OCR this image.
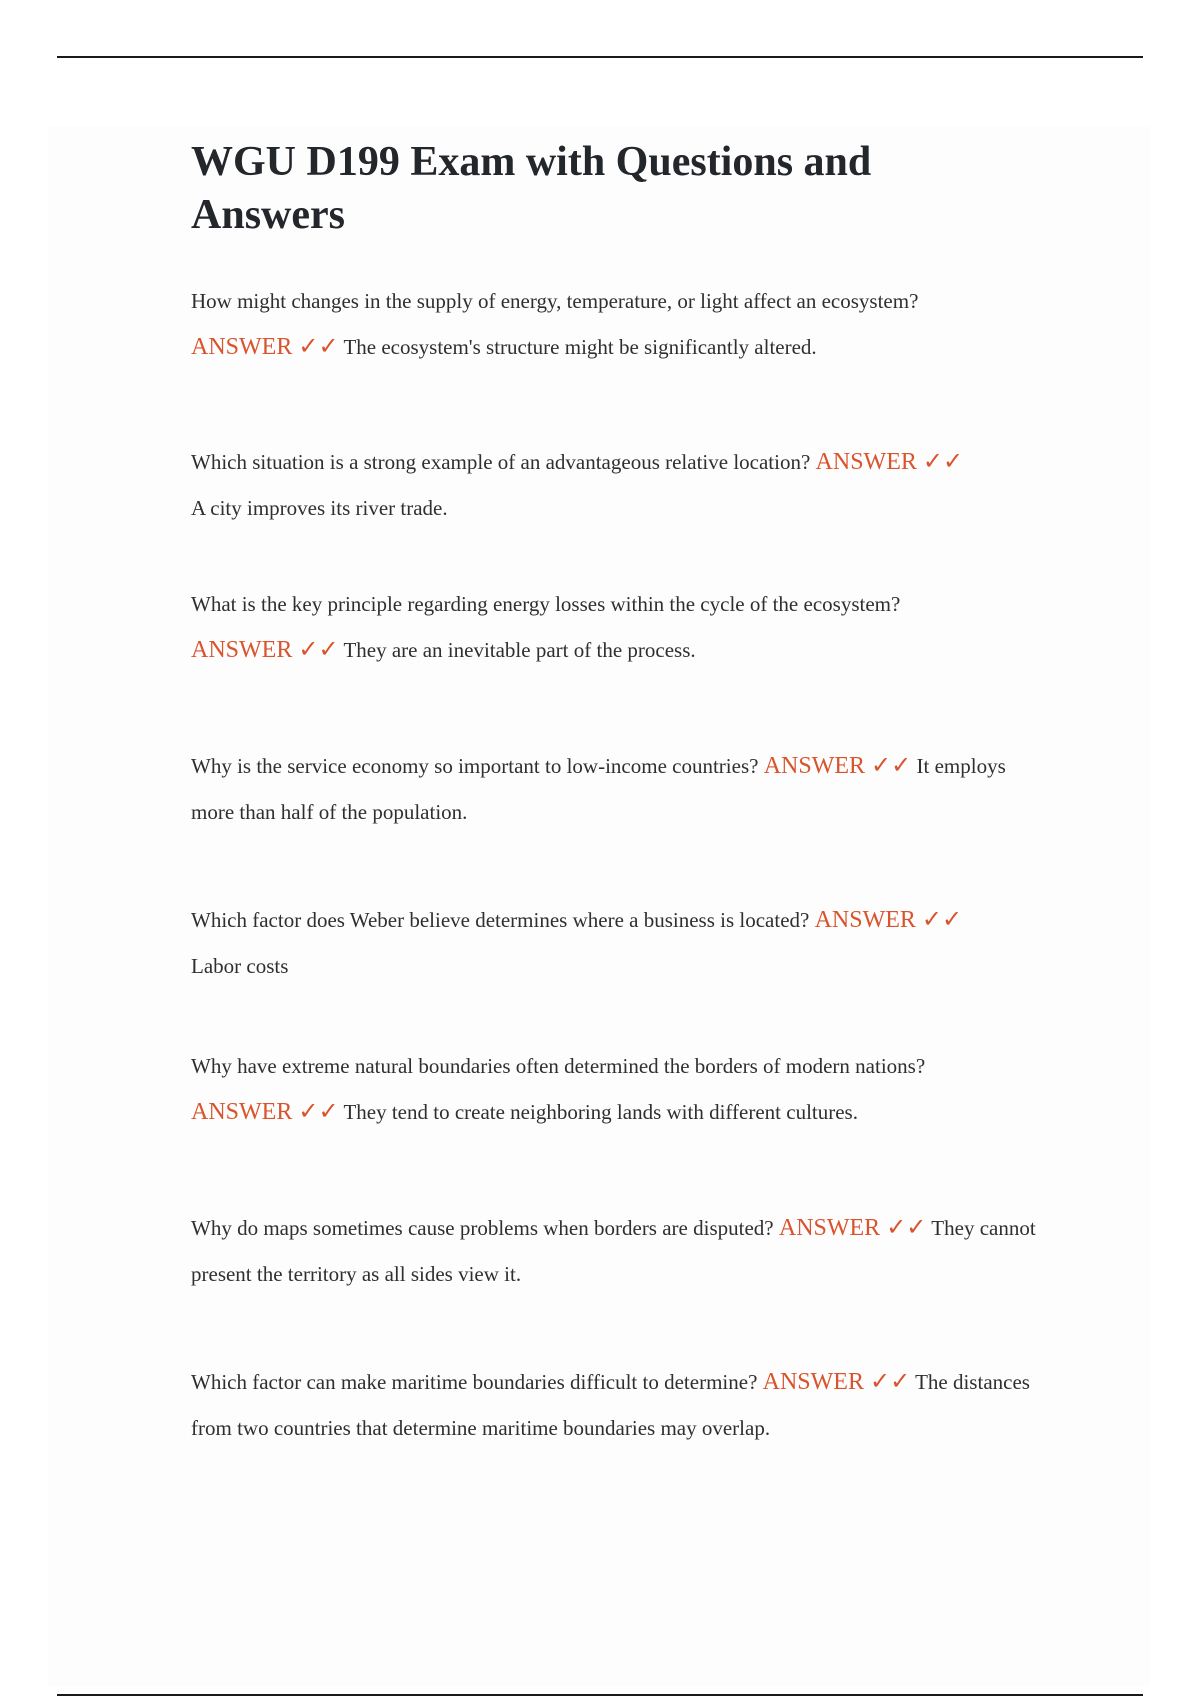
WGU D199 Exam with Questions and Answers

How might changes in the supply of energy, temperature, or light affect an ecosystem?
ANSWER ✓✓ The ecosystem's structure might be significantly altered.

Which situation is a strong example of an advantageous relative location? ANSWER ✓✓
A city improves its river trade.

What is the key principle regarding energy losses within the cycle of the ecosystem?
ANSWER ✓✓ They are an inevitable part of the process.

Why is the service economy so important to low-income countries? ANSWER ✓✓ It employs more than half of the population.

Which factor does Weber believe determines where a business is located? ANSWER ✓✓
Labor costs

Why have extreme natural boundaries often determined the borders of modern nations?
ANSWER ✓✓ They tend to create neighboring lands with different cultures.

Why do maps sometimes cause problems when borders are disputed? ANSWER ✓✓ They cannot present the territory as all sides view it.

Which factor can make maritime boundaries difficult to determine? ANSWER ✓✓ The distances from two countries that determine maritime boundaries may overlap.
